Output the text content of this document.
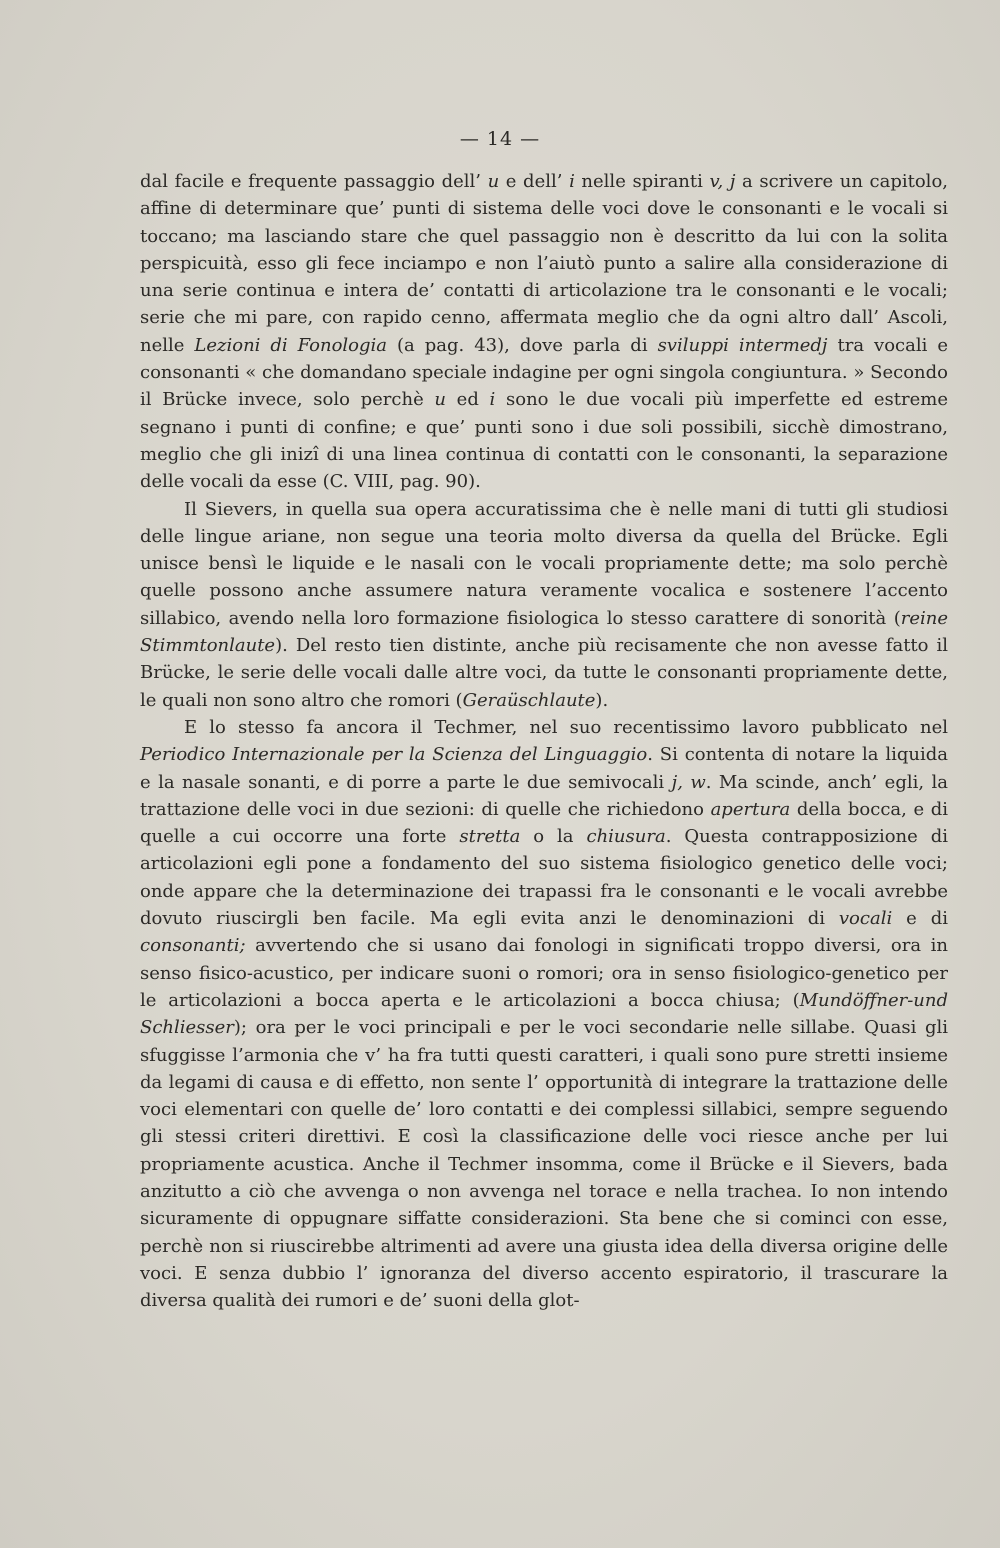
— 14 —

dal facile e frequente passaggio dell’ u e dell’ i nelle spiranti v, j a scrivere un capitolo, affine di determinare que’ punti di sistema delle voci dove le consonanti e le vocali si toccano; ma lasciando stare che quel passaggio non è descritto da lui con la solita perspicuità, esso gli fece inciampo e non l’aiutò punto a salire alla considerazione di una serie continua e intera de’ contatti di articolazione tra le consonanti e le vocali; serie che mi pare, con rapido cenno, affermata meglio che da ogni altro dall’ Ascoli, nelle Lezioni di Fonologia (a pag. 43), dove parla di sviluppi intermedj tra vocali e consonanti « che domandano speciale indagine per ogni singola congiuntura. » Secondo il Brücke invece, solo perchè u ed i sono le due vocali più imperfette ed estreme segnano i punti di confine; e que’ punti sono i due soli possibili, sicchè dimostrano, meglio che gli inizî di una linea continua di contatti con le consonanti, la separazione delle vocali da esse (C. VIII, pag. 90).

Il Sievers, in quella sua opera accuratissima che è nelle mani di tutti gli studiosi delle lingue ariane, non segue una teoria molto diversa da quella del Brücke. Egli unisce bensì le liquide e le nasali con le vocali propriamente dette; ma solo perchè quelle possono anche assumere natura veramente vocalica e sostenere l’accento sillabico, avendo nella loro formazione fisiologica lo stesso carattere di sonorità (reine Stimmtonlaute). Del resto tien distinte, anche più recisamente che non avesse fatto il Brücke, le serie delle vocali dalle altre voci, da tutte le consonanti propriamente dette, le quali non sono altro che romori (Geraüschlaute).

E lo stesso fa ancora il Techmer, nel suo recentissimo lavoro pubblicato nel Periodico Internazionale per la Scienza del Linguaggio. Si contenta di notare la liquida e la nasale sonanti, e di porre a parte le due semivocali j, w. Ma scinde, anch’ egli, la trattazione delle voci in due sezioni: di quelle che richiedono apertura della bocca, e di quelle a cui occorre una forte stretta o la chiusura. Questa contrapposizione di articolazioni egli pone a fondamento del suo sistema fisiologico genetico delle voci; onde appare che la determinazione dei trapassi fra le consonanti e le vocali avrebbe dovuto riuscirgli ben facile. Ma egli evita anzi le denominazioni di vocali e di consonanti; avvertendo che si usano dai fonologi in significati troppo diversi, ora in senso fisico-acustico, per indicare suoni o romori; ora in senso fisiologico-genetico per le articolazioni a bocca aperta e le articolazioni a bocca chiusa; (Mundöffner-und Schliesser); ora per le voci principali e per le voci secondarie nelle sillabe. Quasi gli sfuggisse l’armonia che v’ ha fra tutti questi caratteri, i quali sono pure stretti insieme da legami di causa e di effetto, non sente l’ opportunità di integrare la trattazione delle voci elementari con quelle de’ loro contatti e dei complessi sillabici, sempre seguendo gli stessi criteri direttivi. E così la classificazione delle voci riesce anche per lui propriamente acustica. Anche il Techmer insomma, come il Brücke e il Sievers, bada anzitutto a ciò che avvenga o non avvenga nel torace e nella trachea. Io non intendo sicuramente di oppugnare siffatte considerazioni. Sta bene che si cominci con esse, perchè non si riuscirebbe altrimenti ad avere una giusta idea della diversa origine delle voci. E senza dubbio l’ ignoranza del diverso accento espiratorio, il trascurare la diversa qualità dei rumori e de’ suoni della glot-
